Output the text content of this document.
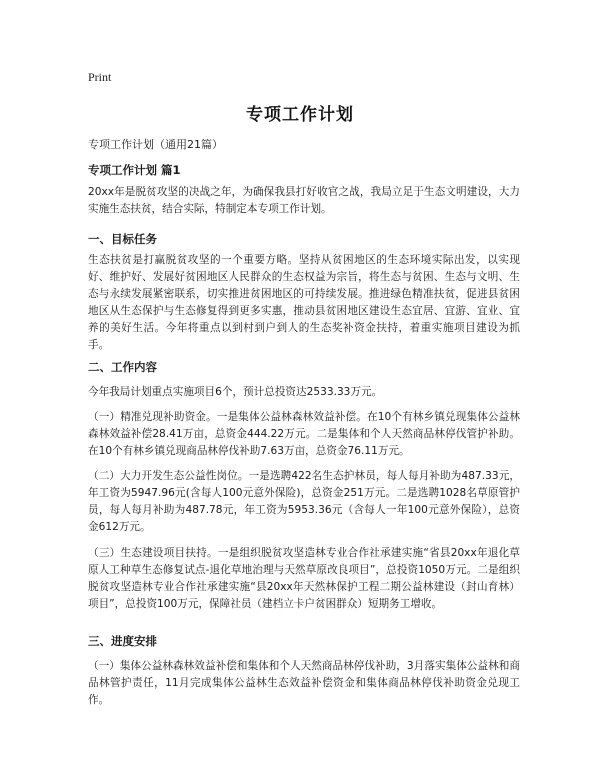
Print
专项工作计划
专项工作计划（通用21篇）
专项工作计划 篇1

20xx年是脱贫攻坚的决战之年，为确保我县打好收官之战，我局立足于生态文明建设，大力实施生态扶贫，结合实际，特制定本专项工作计划。

一、目标任务

生态扶贫是打赢脱贫攻坚的一个重要方略。坚持从贫困地区的生态环境实际出发，以实现好、维护好、发展好贫困地区人民群众的生态权益为宗旨，将生态与贫困、生态与文明、生态与永续发展紧密联系，切实推进贫困地区的可持续发展。推进绿色精准扶贫，促进县贫困地区从生态保护与生态修复得到更多实惠，推动县贫困地区建设生态宜居、宜游、宜业、宜养的美好生活。今年将重点以到村到户到人的生态奖补资金扶持，着重实施项目建设为抓手。

二、工作内容

今年我局计划重点实施项目6个，预计总投资达2533.33万元。

（一）精准兑现补助资金。一是集体公益林森林效益补偿。在10个有林乡镇兑现集体公益林森林效益补偿28.41万亩，总资金444.22万元。二是集体和个人天然商品林停伐管护补助。在10个有林乡镇兑现商品林停伐补助7.63万亩，总资金76.11万元。

（二）大力开发生态公益性岗位。一是选聘422名生态护林员，每人每月补助为487.33元，年工资为5947.96元(含每人100元意外保险)，总资金251万元。二是选聘1028名草原管护员，每人每月补助为487.78元，年工资为5953.36元（含每人一年100元意外保险），总资金612万元。

（三）生态建设项目扶持。一是组织脱贫攻坚造林专业合作社承建实施“省县20xx年退化草原人工种草生态修复试点-退化草地治理与天然草原改良项目”，总投资1050万元。二是组织脱贫攻坚造林专业合作社承建实施“县20xx年天然林保护工程二期公益林建设（封山育林）项目”，总投资100万元，保障社员（建档立卡户贫困群众）短期务工增收。

三、进度安排

（一）集体公益林森林效益补偿和集体和个人天然商品林停伐补助，3月落实集体公益林和商品林管护责任，11月完成集体公益林生态效益补偿资金和集体商品林停伐补助资金兑现工作。
